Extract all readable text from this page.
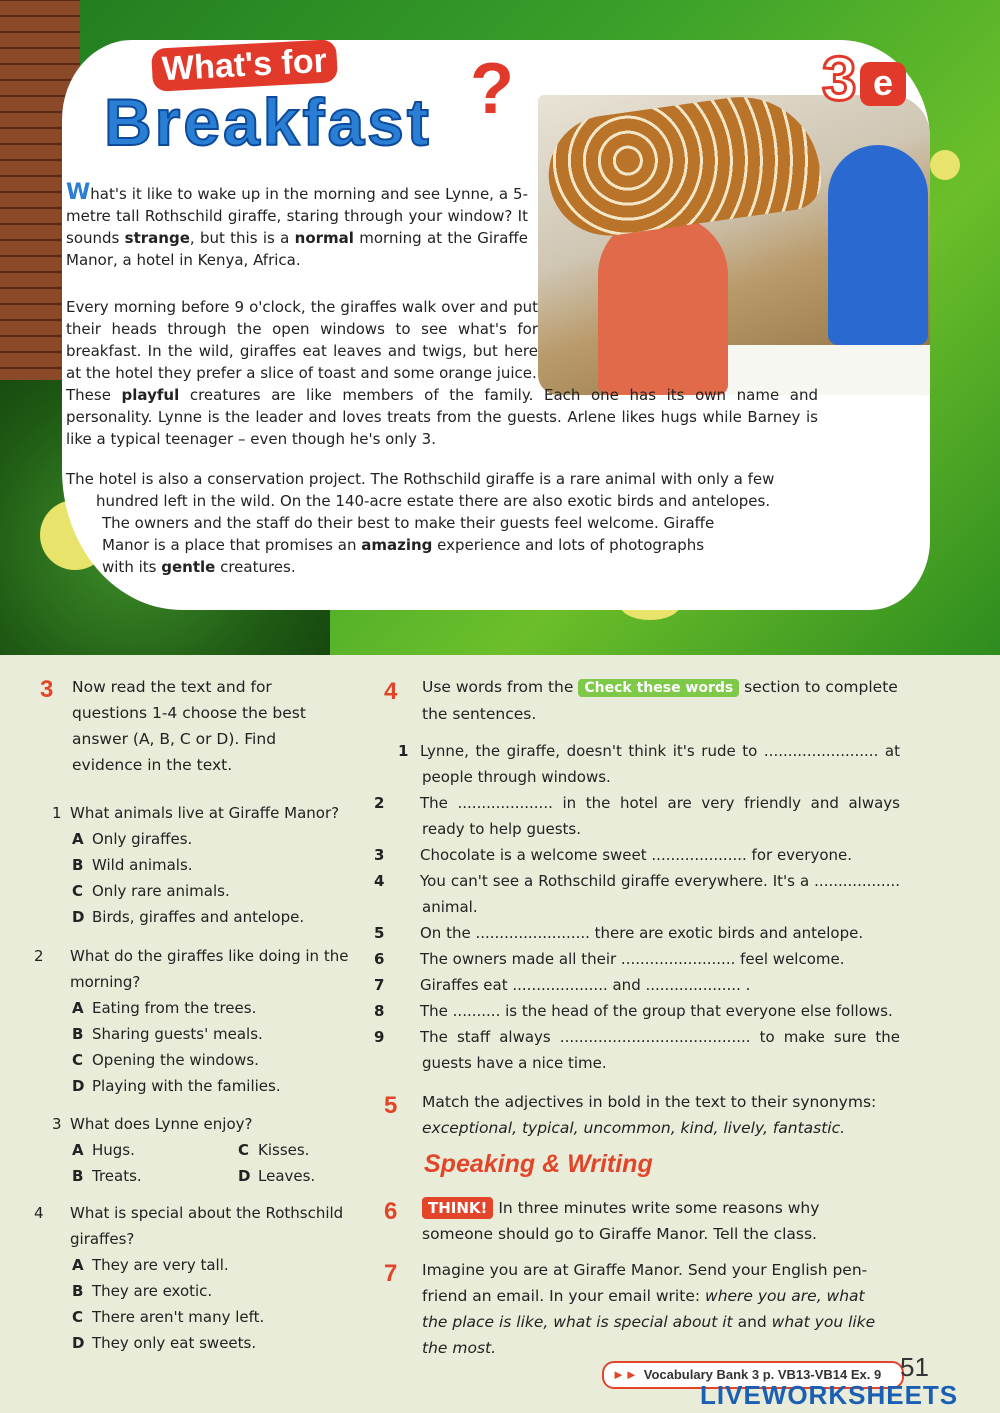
What's for
Breakfast ?	3 e
What's it like to wake up in the morning and see Lynne, a 5-metre tall Rothschild giraffe, staring through your window? It sounds strange, but this is a normal morning at the Giraffe Manor, a hotel in Kenya, Africa.
Every morning before 9 o'clock, the giraffes walk over and put their heads through the open windows to see what's for breakfast. In the wild, giraffes eat leaves and twigs, but here at the hotel they prefer a slice of toast and some orange juice.
These playful creatures are like members of the family. Each one has its own name and personality. Lynne is the leader and loves treats from the guests. Arlene likes hugs while Barney is like a typical teenager – even though he's only 3.
The hotel is also a conservation project. The Rothschild giraffe is a rare animal with only a few
hundred left in the wild. On the 140-acre estate there are also exotic birds and antelopes.
The owners and the staff do their best to make their guests feel welcome. Giraffe
Manor is a place that promises an amazing experience and lots of photographs
with its gentle creatures.
3 Now read the text and for questions 1-4 choose the best answer (A, B, C or D). Find evidence in the text.
1 What animals live at Giraffe Manor?
A Only giraffes.
B Wild animals.
C Only rare animals.
D Birds, giraffes and antelope.
2 What do the giraffes like doing in the morning?
A Eating from the trees.
B Sharing guests' meals.
C Opening the windows.
D Playing with the families.
3 What does Lynne enjoy?
A Hugs.	C Kisses.
B Treats.	D Leaves.
4 What is special about the Rothschild giraffes?
A They are very tall.
B They are exotic.
C There aren't many left.
D They only eat sweets.
4 Use words from the Check these words section to complete the sentences.
1 Lynne, the giraffe, doesn't think it's rude to ........................ at people through windows.
2 The .................... in the hotel are very friendly and always ready to help guests.
3 Chocolate is a welcome sweet .................... for everyone.
4 You can't see a Rothschild giraffe everywhere. It's a .................. animal.
5 On the ........................ there are exotic birds and antelope.
6 The owners made all their ........................ feel welcome.
7 Giraffes eat .................... and .................... .
8 The .......... is the head of the group that everyone else follows.
9 The staff always ........................................ to make sure the guests have a nice time.
5 Match the adjectives in bold in the text to their synonyms:
exceptional, typical, uncommon, kind, lively, fantastic.
Speaking & Writing
6	THINK! In three minutes write some reasons why someone should go to Giraffe Manor. Tell the class.
7 Imagine you are at Giraffe Manor. Send your English pen-friend an email. In your email write: where you are, what the place is like, what is special about it and what you like the most.
►► Vocabulary Bank 3 p. VB13-VB14 Ex. 9 51
LIVEWORKSHEETS
